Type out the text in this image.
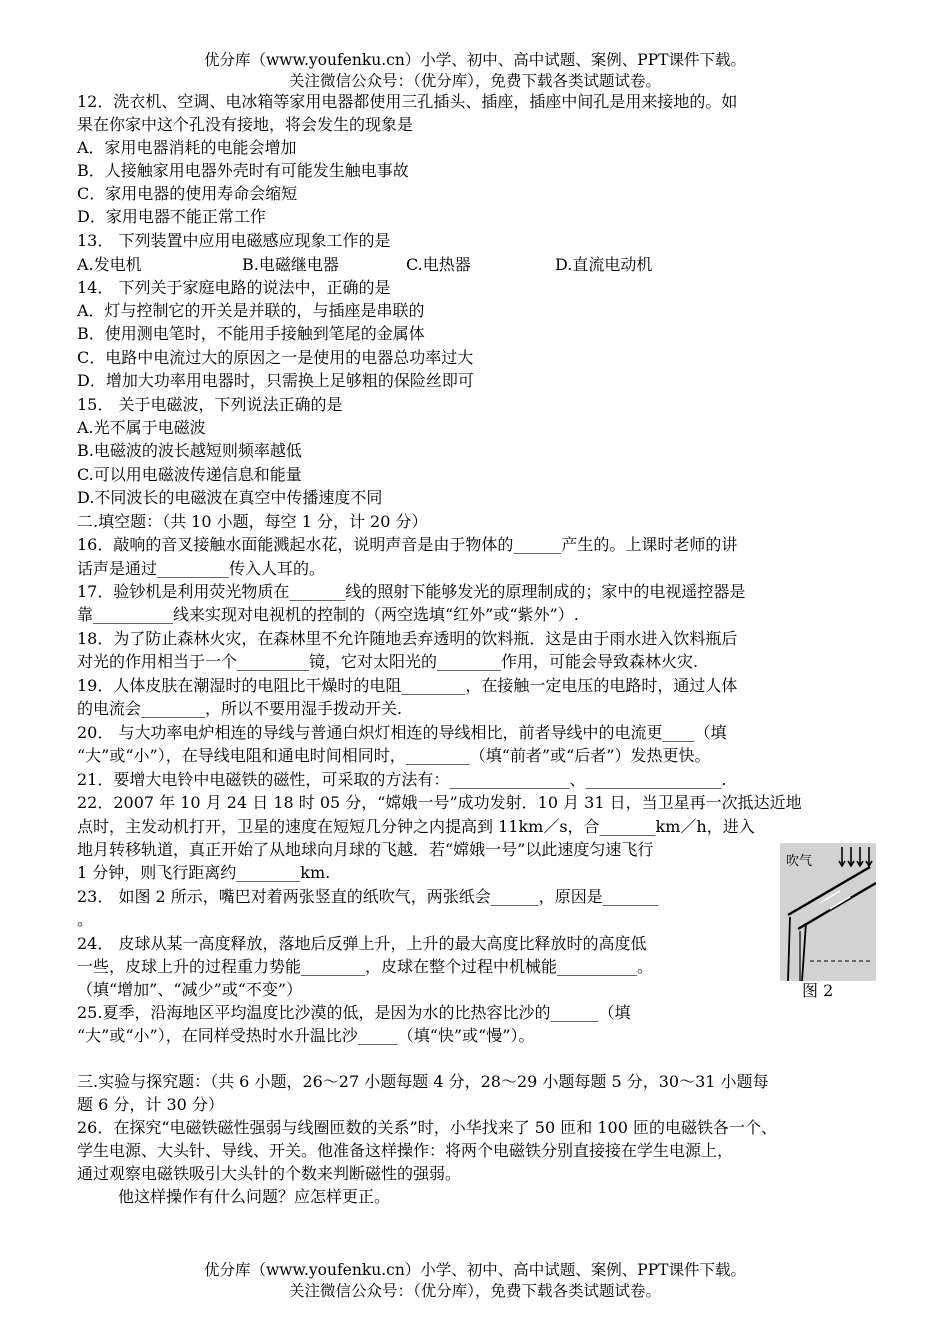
优分库（www.youfenku.cn）小学、初中、高中试题、案例、PPT课件下载。
关注微信公众号：（优分库），免费下载各类试题试卷。
12．洗衣机、空调、电冰箱等家用电器都使用三孔插头、插座，插座中间孔是用来接地的。如
果在你家中这个孔没有接地，将会发生的现象是
A．家用电器消耗的电能会增加
B．人接触家用电器外壳时有可能发生触电事故
C．家用电器的使用寿命会缩短
D．家用电器不能正常工作
13． 下列装置中应用电磁感应现象工作的是
A.发电机	B.电磁继电器	C.电热器	D.直流电动机
14． 下列关于家庭电路的说法中，正确的是
A．灯与控制它的开关是并联的，与插座是串联的
B．使用测电笔时，不能用手接触到笔尾的金属体
C．电路中电流过大的原因之一是使用的电器总功率过大
D．增加大功率用电器时，只需换上足够粗的保险丝即可
15． 关于电磁波，下列说法正确的是
A.光不属于电磁波
B.电磁波的波长越短则频率越低
C.可以用电磁波传递信息和能量
D.不同波长的电磁波在真空中传播速度不同
二.填空题：（共 10 小题，每空 1 分，计 20 分）
16．敲响的音叉接触水面能溅起水花，说明声音是由于物体的______产生的。上课时老师的讲
话声是通过_________传入人耳的。
17．验钞机是利用荧光物质在_______线的照射下能够发光的原理制成的；家中的电视遥控器是
靠__________线来实现对电视机的控制的（两空选填“红外”或“紫外”）.
18．为了防止森林火灾，在森林里不允许随地丢弃透明的饮料瓶．这是由于雨水进入饮料瓶后
对光的作用相当于一个_________镜，它对太阳光的________作用，可能会导致森林火灾.
19．人体皮肤在潮湿时的电阻比干燥时的电阻________，在接触一定电压的电路时，通过人体
的电流会________，所以不要用湿手拨动开关.
20． 与大功率电炉相连的导线与普通白炽灯相连的导线相比，前者导线中的电流更____（填
“大”或“小”），在导线电阻和通电时间相同时，________（填“前者”或“后者”）发热更快。
21．要增大电铃中电磁铁的磁性，可采取的方法有：_______________、_________________.
22．2007 年 10 月 24 日 18 时 05 分，“嫦娥一号”成功发射．10 月 31 日，当卫星再一次抵达近地
点时，主发动机打开，卫星的速度在短短几分钟之内提高到 11km／s，合_______km／h，进入
地月转移轨道，真正开始了从地球向月球的飞越．若“嫦娥一号”以此速度匀速飞行
1 分钟，则飞行距离约________km.
23． 如图 2 所示，嘴巴对着两张竖直的纸吹气，两张纸会______，原因是_______
。
24． 皮球从某一高度释放，落地后反弹上升，上升的最大高度比释放时的高度低
一些，皮球上升的过程重力势能________，皮球在整个过程中机械能__________。
（填“增加”、“减少”或“不变”）
25.夏季，沿海地区平均温度比沙漠的低，是因为水的比热容比沙的______（填
“大”或“小”），在同样受热时水升温比沙_____（填“快”或“慢”）。
三.实验与探究题：（共 6 小题，26～27 小题每题 4 分，28～29 小题每题 5 分，30～31 小题每
题 6 分，计 30 分）
26．在探究“电磁铁磁性强弱与线圈匝数的关系”时，小华找来了 50 匝和 100 匝的电磁铁各一个、
学生电源、大头针、导线、开关。他准备这样操作：将两个电磁铁分别直接接在学生电源上，
通过观察电磁铁吸引大头针的个数来判断磁性的强弱。
他这样操作有什么问题？应怎样更正。
吹气
图 2
优分库（www.youfenku.cn）小学、初中、高中试题、案例、PPT课件下载。
关注微信公众号：（优分库），免费下载各类试题试卷。
